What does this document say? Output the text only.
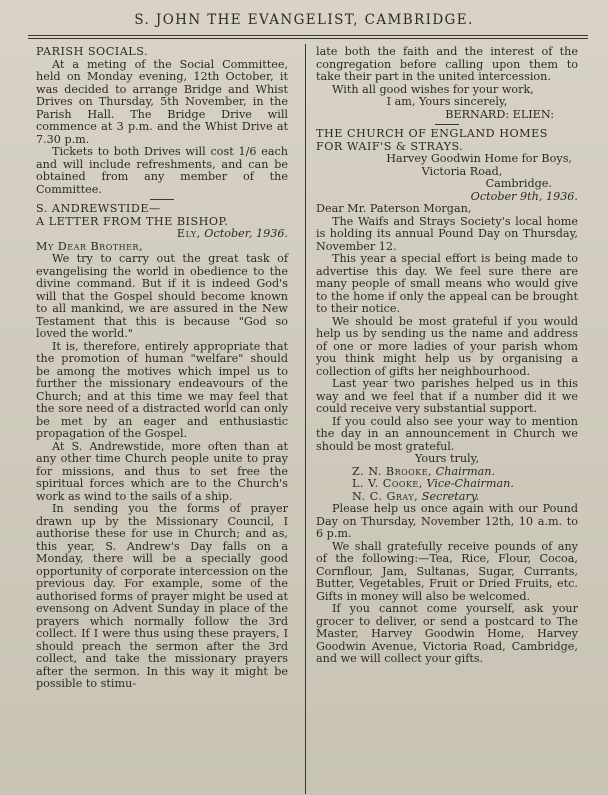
S. JOHN THE EVANGELIST, CAMBRIDGE.

PARISH SOCIALS.

At a meting of the Social Committee, held on Monday evening, 12th October, it was decided to arrange Bridge and Whist Drives on Thursday, 5th November, in the Parish Hall. The Bridge Drive will commence at 3 p.m. and the Whist Drive at 7.30 p.m.

Tickets to both Drives will cost 1/6 each and will include refreshments, and can be obtained from any member of the Committee.

S. ANDREWSTIDE—

A LETTER FROM THE BISHOP.

Ely, October, 1936.

My Dear Brother,

We try to carry out the great task of evangelising the world in obedience to the divine command. But if it is indeed God's will that the Gospel should become known to all mankind, we are assured in the New Testament that this is because "God so loved the world."

It is, therefore, entirely appropriate that the promotion of human "welfare" should be among the motives which impel us to further the missionary endeavours of the Church; and at this time we may feel that the sore need of a distracted world can only be met by an eager and enthusiastic propagation of the Gospel.

At S. Andrewstide, more often than at any other time Church people unite to pray for missions, and thus to set free the spiritual forces which are to the Church's work as wind to the sails of a ship.

In sending you the forms of prayer drawn up by the Missionary Council, I authorise these for use in Church; and as, this year, S. Andrew's Day falls on a Monday, there will be a specially good opportunity of corporate intercession on the previous day. For example, some of the authorised forms of prayer might be used at evensong on Advent Sunday in place of the prayers which normally follow the 3rd collect. If I were thus using these prayers, I should preach the sermon after the 3rd collect, and take the missionary prayers after the sermon. In this way it might be possible to stimu-

late both the faith and the interest of the congregation before calling upon them to take their part in the united intercession.

With all good wishes for your work,

I am, Yours sincerely,

BERNARD: ELIEN:

THE CHURCH OF ENGLAND HOMES FOR WAIF'S & STRAYS.

Harvey Goodwin Home for Boys,

Victoria Road,

Cambridge.

October 9th, 1936.

Dear Mr. Paterson Morgan,

The Waifs and Strays Society's local home is holding its annual Pound Day on Thursday, November 12.

This year a special effort is being made to advertise this day. We feel sure there are many people of small means who would give to the home if only the appeal can be brought to their notice.

We should be most grateful if you would help us by sending us the name and address of one or more ladies of your parish whom you think might help us by organising a collection of gifts her neighbourhood.

Last year two parishes helped us in this way and we feel that if a number did it we could receive very substantial support.

If you could also see your way to mention the day in an announcement in Church we should be most grateful.

Yours truly,

Z. N. Brooke, Chairman.

L. V. Cooke, Vice-Chairman.

N. C. Gray, Secretary.

Please help us once again with our Pound Day on Thursday, November 12th, 10 a.m. to 6 p.m.

We shall gratefully receive pounds of any of the following:—Tea, Rice, Flour, Cocoa, Cornflour, Jam, Sultanas, Sugar, Currants, Butter, Vegetables, Fruit or Dried Fruits, etc. Gifts in money will also be welcomed.

If you cannot come yourself, ask your grocer to deliver, or send a postcard to The Master, Harvey Goodwin Home, Harvey Goodwin Avenue, Victoria Road, Cambridge, and we will collect your gifts.
